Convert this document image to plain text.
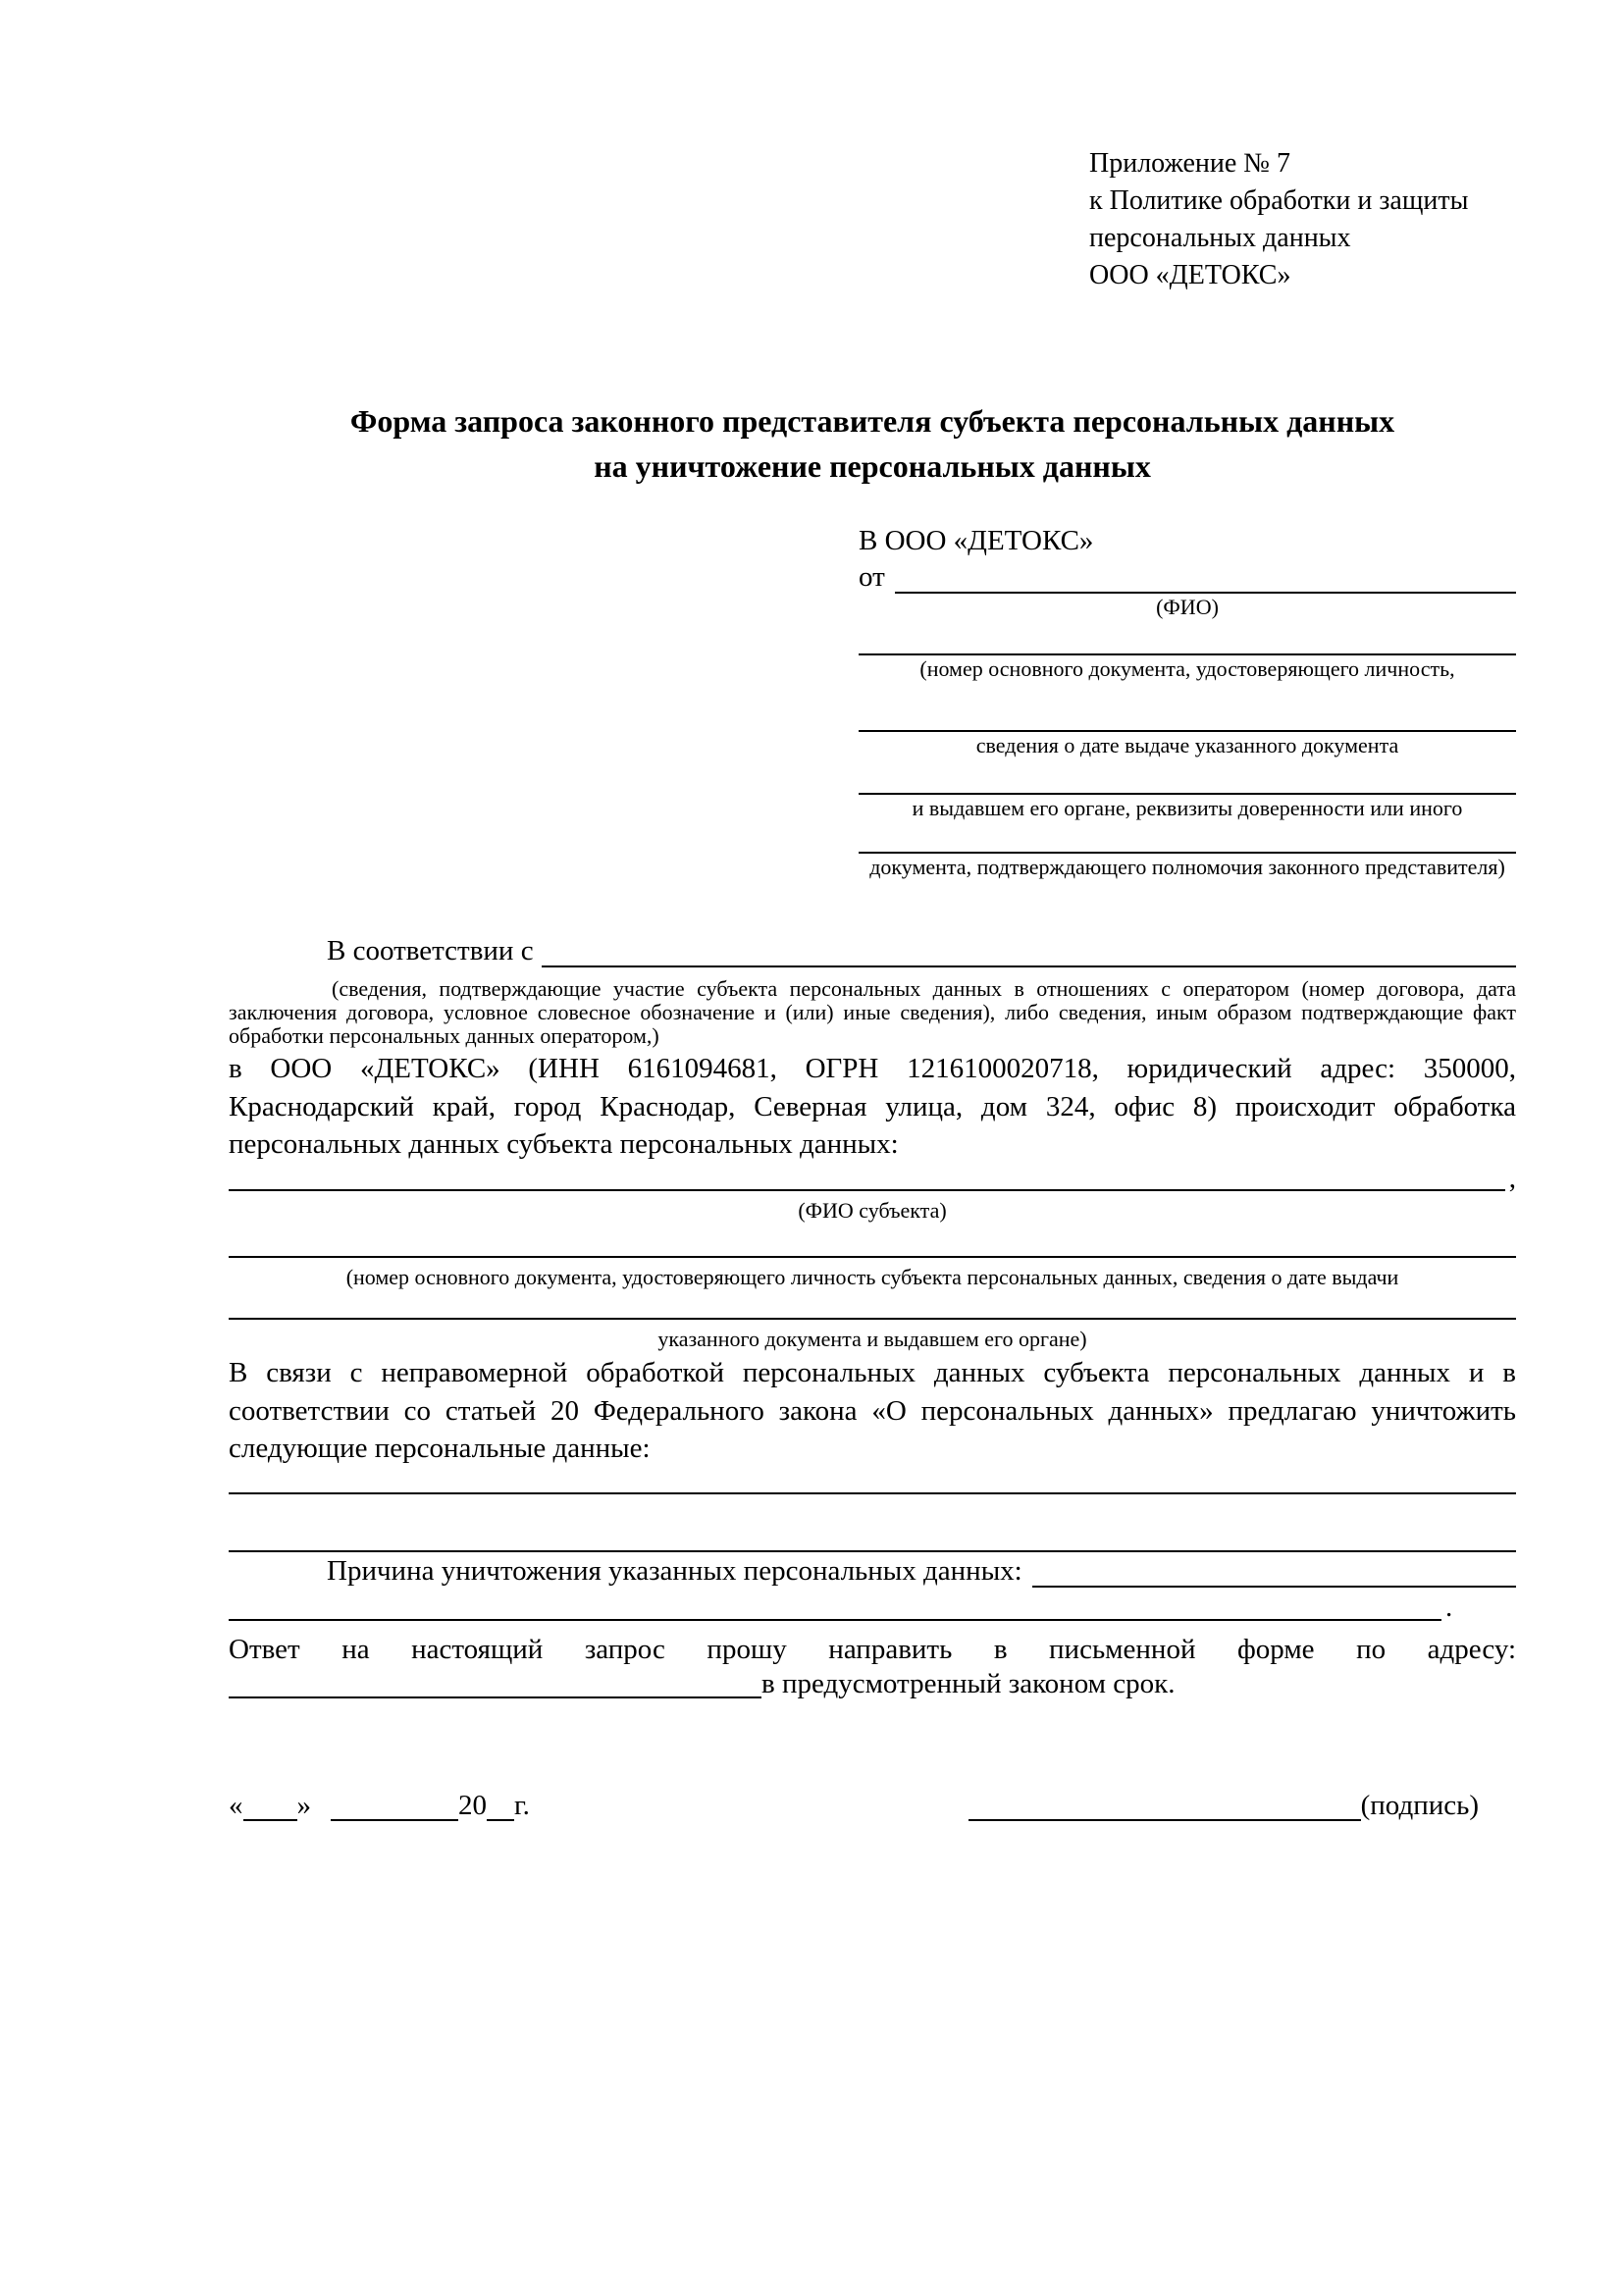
Приложение № 7
к Политике обработки и защиты
персональных данных
ООО «ДЕТОКС»
Форма запроса законного представителя субъекта персональных данных
на уничтожение персональных данных
В ООО «ДЕТОКС»
от
(ФИО)
(номер основного документа, удостоверяющего личность,
сведения о дате выдаче указанного документа
и выдавшем его органе, реквизиты доверенности или иного
документа, подтверждающего полномочия законного представителя)
В соответствии с
(сведения, подтверждающие участие субъекта персональных данных в отношениях с оператором (номер договора, дата заключения договора, условное словесное обозначение и (или) иные сведения), либо сведения, иным образом подтверждающие факт обработки персональных данных оператором,)
в ООО «ДЕТОКС» (ИНН 6161094681, ОГРН 1216100020718, юридический адрес: 350000, Краснодарский край, город Краснодар, Северная улица, дом 324, офис 8) происходит обработка персональных данных субъекта персональных данных:
,
(ФИО субъекта)
(номер основного документа, удостоверяющего личность субъекта персональных данных, сведения о дате выдачи
указанного документа и выдавшем его органе)
В связи с неправомерной обработкой персональных данных субъекта персональных данных и в соответствии со статьей 20 Федерального закона «О персональных данных» предлагаю уничтожить следующие персональные данные:
Причина уничтожения указанных персональных данных:
.
Ответ на настоящий запрос прошу направить в письменной форме по адресу:
в предусмотренный законом срок.
« »	20 г.	(подпись)
